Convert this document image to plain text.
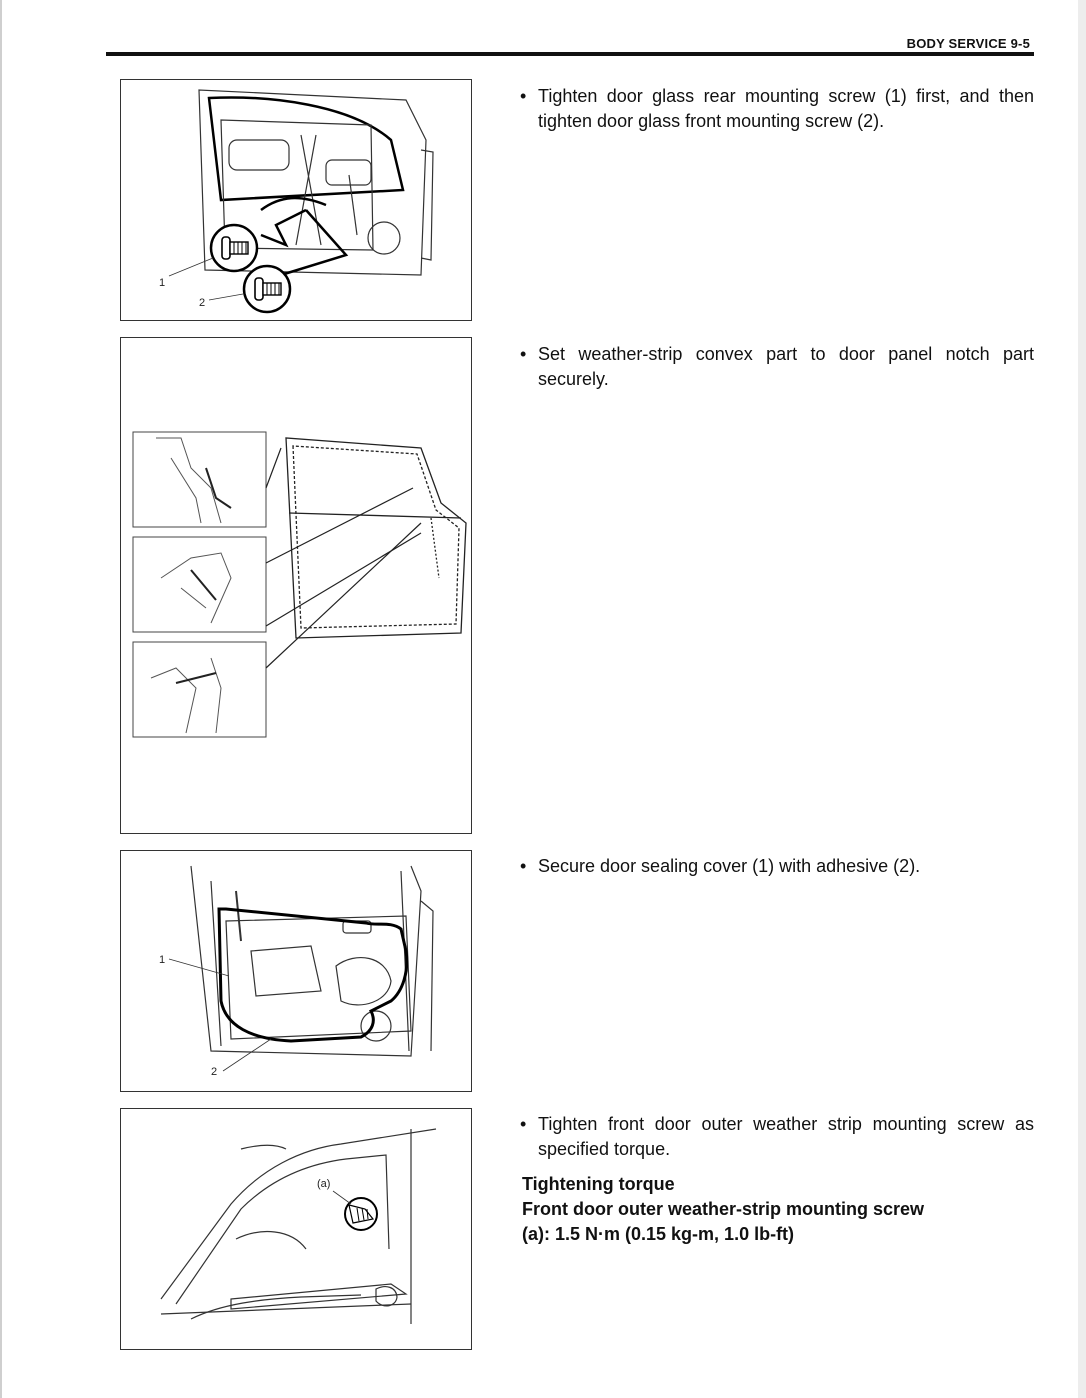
BODY SERVICE 9-5
1
2
1
2
(a)
• Tighten door glass rear mounting screw (1) first, and then tighten door glass front mounting screw (2).
• Set weather-strip convex part to door panel notch part securely.
• Secure door sealing cover (1) with adhesive (2).
• Tighten front door outer weather strip mounting screw as specified torque.
Tightening torque
Front door outer weather-strip mounting screw
(a): 1.5 N·m (0.15 kg-m, 1.0 lb-ft)
